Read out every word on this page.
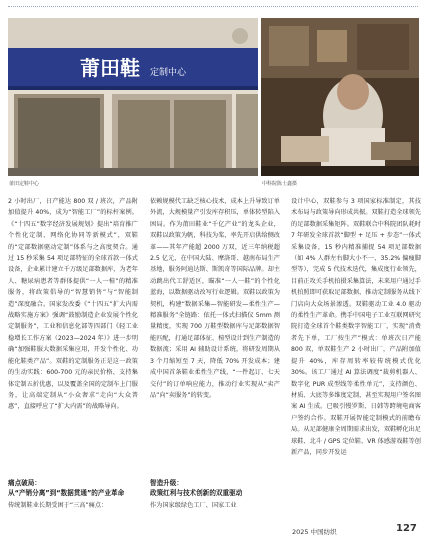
莆田鞋 定制中心
莆田定鞋中心	中科院陈士鑫摄
2 小时出厂，日产能达 800 双 / 班次，产品附加值提升 40%，成为“智能工厂”的标杆案例。《“十四五”数字经济发展规划》提出“培育推广个性化定制、网络化协同等新模式”，双鞋的“定部数据驱动定制”体系与之高度契合。通过 15 秒采集 54 项足部特征的全球首款一体式设备，企业累计建立千万级足部数据库，为老年人、糖尿病患者等群体提供“一人一楦”的精准服务，将政策倡导的“智慧销售”与“智能制造”深度融合。国家发改委《“十四五”扩大内需战略实施方案》强调“鼓励制造企业发展个性化定制服务”，工业和信息化部等四部门《轻工业稳增长工作方案（2023—2024 年）》进一步明确“加强鞋服大数据采集应用，开发个性化、功能化鞋类产品”。双鞋的定制服务正是这一政策的生动实践：600-700 元的亲民价格、支持集体定制五折优惠，以及覆盖全国的定制车上门服务，让高端定制从“小众奢求”走向“大众普惠”，直接呼应了“扩大内需”的战略导向。
依赖规模代工缺乏核心技术，成本上升导致订单外流，大规模量产引发库存积压，单体转型陷入困局。作为莆田鞋业“千亿产业”的龙头企业，双鞋以政策为帆，科技为桨，率先开启供给侧改革——其年产能超 2000 万双，近三年纳税超 2.5 亿元，在中国大陆、摩洛哥、越南布局生产基地，服务阿迪达斯、斯凯奇等国际品牌。却主动跳出代工舒适区，瞄准“一人一鞋”的个性化蓝海，以数据驱动改写行业逻辑。双鞋以政策为契机，构建“数据采集—智能研发—柔性生产—精准服务”全链路：依托一体式扫描仪 5mm 测量精度，实现 700 万鞋型数据库与足部数据智能匹配，打通足部体征、楦型设计到生产制造的数据流；采用 AI 辅助设计系统，将研发周期从 3 个月缩短至 7 天，降低 70% 开发成本；建成中国首条鞋业柔性生产线，“一件起订、七天交付”的订单响应能力，推动行业实现从“卖产品”向“卖服务”的转变。
设计中心，双鞋参与 3 项国家标准制定，其技术布局与政策导向形成共振。双鞋打造全球领先的足部数据采集矩阵。双鞋联合中科院团队耗时 7 年研发全球首款“脚型 + 足压 + 步态”一体式采集设备，15 秒内精准捕捉 54 项足部数据（如 4% 人群左右脚大小不一、35.2% 偏瘦脚型等），完成 5 代技术迭代，集成度行业领先，目前正攻关手机拍摄采集算法，未来用户通过手机拍照即可获取足部数据，推动定制服务从线下门店向大众场景渗透。双鞋驱动工业 4.0 驱动的柔性生产革命。携手中国电子工业互联网研究院打造全球首个鞋类数字智能工厂，实现“消费者先下单，工厂按生产”模式：单班次日产能 800 双，单双鞋生产 2 小时出厂，产品附加值提升 40%，库存周转率较传统模式优化 30%。该工厂通过 AI 算法调度“裁剪机器人、数字化 PUR 成型线等柔性单元”，支持颜色、材质、大底等多维度定制，甚至实现用户签名图案 AI 生成。已吸引慢罗斯、日韩等跨境电商客户签约合作。双鞋开展智能定制模式的前瞻布局。从足部健康全周期需求出发，双鞋孵化出足球鞋、北斗 / GPS 定位鞋、VR 体感游戏鞋等创新产品，同步开发运
痛点破局：
从“产销分离”到“数据贯通”的产业革命
智造升级：
政策红利与技术创新的双重驱动
传统制鞋业长期受困于“三高”痛点：	作为国家级绿色工厂、国家工业
2025 中国纺织	127
